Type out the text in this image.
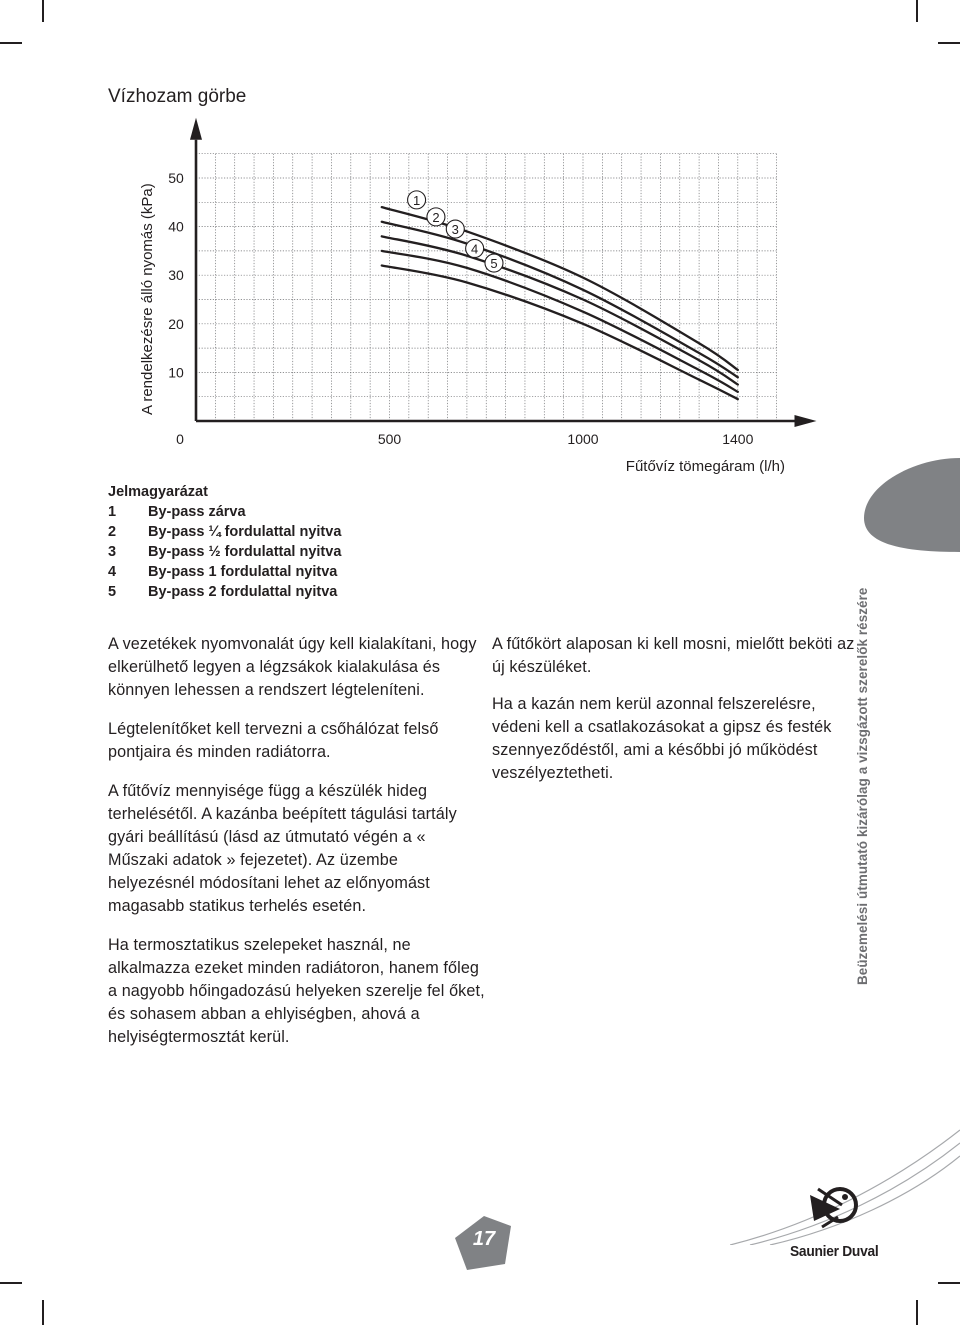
Vízhozam görbe
0	500	1000	1400
10
20
30
40
50
1
2
3
4
5
A rendelkezésre álló nyomás (kPa)
Fűtővíz tömegáram (l/h)
Jelmagyarázat
1	By-pass zárva
2	By-pass ¼ fordulattal nyitva
3	By-pass ½ fordulattal nyitva
4	By-pass 1 fordulattal nyitva
5	By-pass 2 fordulattal nyitva

A vezetékek nyomvonalát úgy kell kialakítani, hogy elkerülhető legyen a légzsákok kialakulása és könnyen lehessen a rendszert légteleníteni.

Légtelenítőket kell tervezni a csőhálózat felső pontjaira és minden radiátorra.

A fűtővíz mennyisége függ a készülék hideg terhelésétől. A kazánba beépített tágulási tartály gyári beállítású (lásd az útmutató végén a « Műszaki adatok » fejezetet). Az üzembe helyezésnél módosítani lehet az előnyomást magasabb statikus terhelés esetén.

Ha termosztatikus szelepeket használ, ne alkalmazza ezeket minden radiátoron, hanem főleg a nagyobb hőingadozású helyeken szerelje fel őket, és sohasem abban a ehlyiségben, ahová a helyiségtermosztát kerül.

A fűtőkört alaposan ki kell mosni, mielőtt beköti az új készüléket.

Ha a kazán nem kerül azonnal felszerelésre, védeni kell a csatlakozásokat a gipsz és festék szennyeződéstől, ami a későbbi jó működést veszélyeztetheti.	Beüzemelési útmutató kizárólag a vizsgázott szerelők részére
17
Saunier Duval
